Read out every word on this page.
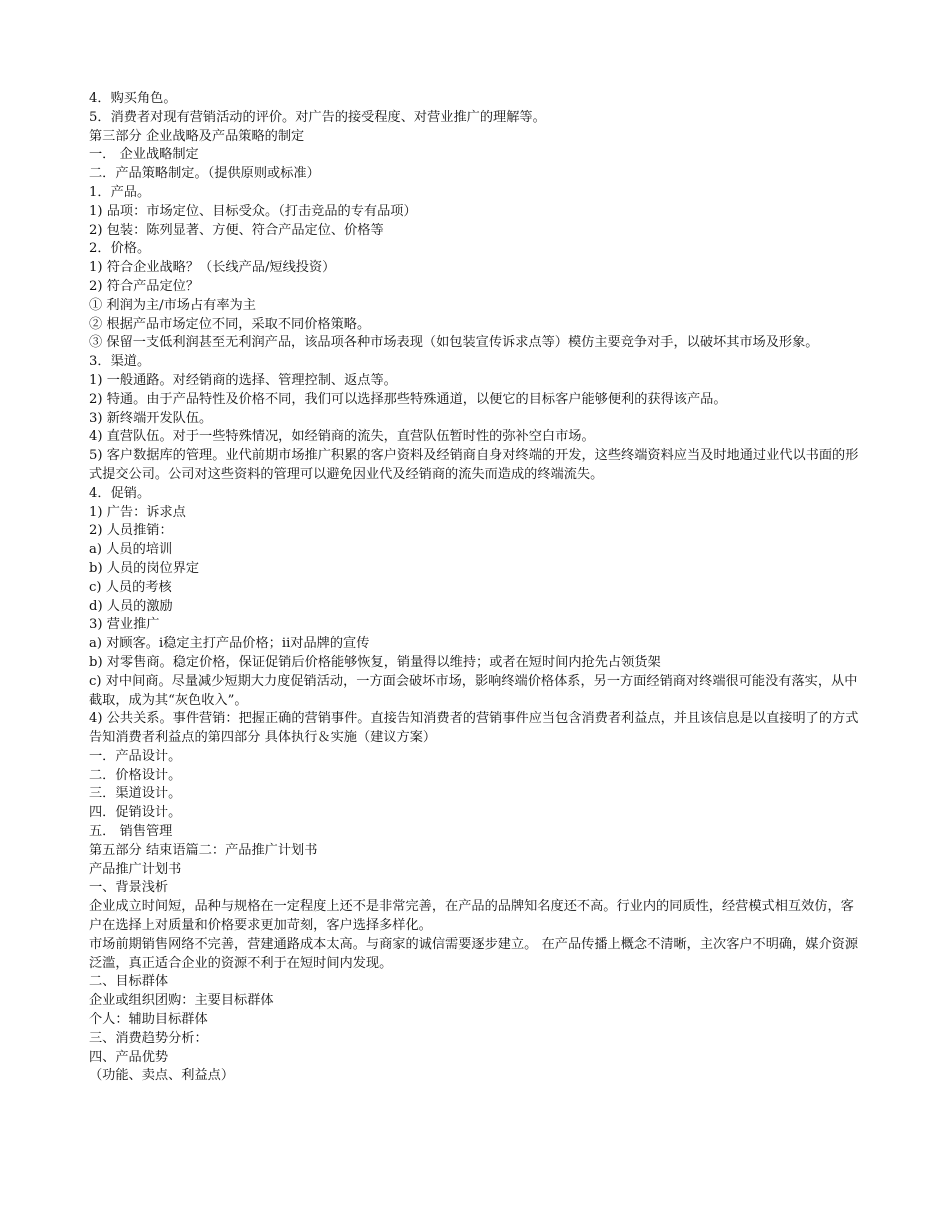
4．购买角色。

5．消费者对现有营销活动的评价。对广告的接受程度、对营业推广的理解等。

第三部分 企业战略及产品策略的制定

一． 企业战略制定

二．产品策略制定。（提供原则或标准）

1．产品。

1) 品项：市场定位、目标受众。（打击竞品的专有品项）

2) 包装：陈列显著、方便、符合产品定位、价格等

2．价格。

1) 符合企业战略？（长线产品/短线投资）

2) 符合产品定位？

① 利润为主/市场占有率为主

② 根据产品市场定位不同，采取不同价格策略。

③ 保留一支低利润甚至无利润产品，该品项各种市场表现（如包装宣传诉求点等）模仿主要竞争对手，以破坏其市场及形象。

3．渠道。

1) 一般通路。对经销商的选择、管理控制、返点等。

2) 特通。由于产品特性及价格不同，我们可以选择那些特殊通道，以便它的目标客户能够便利的获得该产品。

3) 新终端开发队伍。

4) 直营队伍。对于一些特殊情况，如经销商的流失，直营队伍暂时性的弥补空白市场。

5) 客户数据库的管理。业代前期市场推广积累的客户资料及经销商自身对终端的开发，这些终端资料应当及时地通过业代以书面的形式提交公司。公司对这些资料的管理可以避免因业代及经销商的流失而造成的终端流失。

4．促销。

1) 广告：诉求点

2) 人员推销：

a) 人员的培训

b) 人员的岗位界定

c) 人员的考核

d) 人员的激励

3) 营业推广

a) 对顾客。ⅰ稳定主打产品价格；ⅱ对品牌的宣传

b) 对零售商。稳定价格，保证促销后价格能够恢复，销量得以维持；或者在短时间内抢先占领货架

c) 对中间商。尽量减少短期大力度促销活动，一方面会破坏市场，影响终端价格体系，另一方面经销商对终端很可能没有落实，从中截取，成为其“灰色收入”。

4) 公共关系。事件营销：把握正确的营销事件。直接告知消费者的营销事件应当包含消费者利益点，并且该信息是以直接明了的方式告知消费者利益点的第四部分 具体执行＆实施（建议方案）

一．产品设计。

二．价格设计。

三．渠道设计。

四．促销设计。

五． 销售管理

第五部分 结束语篇二：产品推广计划书

产品推广计划书

一、背景浅析

企业成立时间短，品种与规格在一定程度上还不是非常完善，在产品的品牌知名度还不高。行业内的同质性，经营模式相互效仿，客户在选择上对质量和价格要求更加苛刻，客户选择多样化。

市场前期销售网络不完善，营建通路成本太高。与商家的诚信需要逐步建立。 在产品传播上概念不清晰，主次客户不明确，媒介资源泛滥，真正适合企业的资源不利于在短时间内发现。

二、目标群体

企业或组织团购：主要目标群体

个人：辅助目标群体

三、消费趋势分析：

四、产品优势

（功能、卖点、利益点）
